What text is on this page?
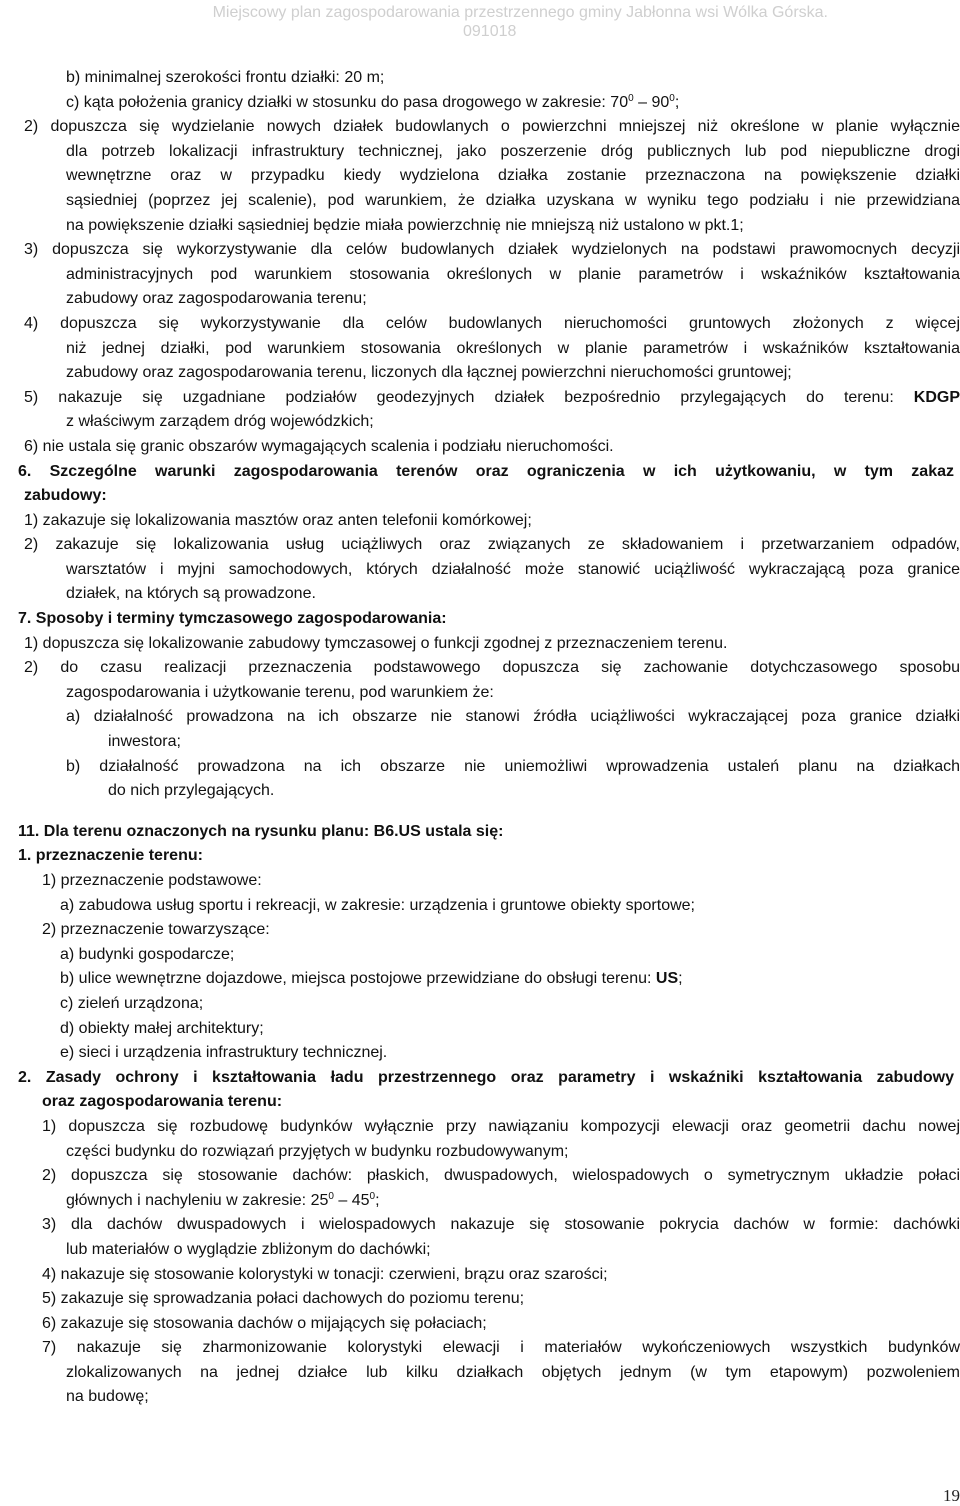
Miejscowy plan zagospodarowania przestrzennego gminy Jabłonna wsi Wólka Górska.
091018
b) minimalnej szerokości frontu działki: 20 m;
c) kąta położenia granicy działki w stosunku do pasa drogowego w zakresie: $70^0 - 90^0$;
2) dopuszcza się wydzielanie nowych działek budowlanych o powierzchni mniejszej niż określone w planie wyłącznie
dla potrzeb lokalizacji infrastruktury technicznej, jako poszerzenie dróg publicznych lub pod niepubliczne drogi
wewnętrzne oraz w przypadku kiedy wydzielona działka zostanie przeznaczona na powiększenie działki
sąsiedniej (poprzez jej scalenie), pod warunkiem, że działka uzyskana w wyniku tego podziału i nie przewidziana
na powiększenie działki sąsiedniej będzie miała powierzchnię nie mniejszą niż ustalono w pkt.1;
3) dopuszcza się wykorzystywanie dla celów budowlanych działek wydzielonych na podstawi prawomocnych decyzji
administracyjnych pod warunkiem stosowania określonych w planie parametrów i wskaźników kształtowania
zabudowy oraz zagospodarowania terenu;
4) dopuszcza się wykorzystywanie dla celów budowlanych nieruchomości gruntowych złożonych z więcej
niż jednej działki, pod warunkiem stosowania określonych w planie parametrów i wskaźników kształtowania
zabudowy oraz zagospodarowania terenu, liczonych dla łącznej powierzchni nieruchomości gruntowej;
5) nakazuje się uzgadniane podziałów geodezyjnych działek bezpośrednio przylegających do terenu: KDGP
z właściwym zarządem dróg wojewódzkich;
6) nie ustala się granic obszarów wymagających scalenia i podziału nieruchomości.
6. Szczególne warunki zagospodarowania terenów oraz ograniczenia w ich użytkowaniu, w tym zakaz
zabudowy:
1) zakazuje się lokalizowania masztów oraz anten telefonii komórkowej;
2) zakazuje się lokalizowania usług uciążliwych oraz związanych ze składowaniem i przetwarzaniem odpadów,
warsztatów i myjni samochodowych, których działalność może stanowić uciążliwość wykraczającą poza granice
działek, na których są prowadzone.
7. Sposoby i terminy tymczasowego zagospodarowania:
1) dopuszcza się lokalizowanie zabudowy tymczasowej o funkcji zgodnej z przeznaczeniem terenu.
2) do czasu realizacji przeznaczenia podstawowego dopuszcza się zachowanie dotychczasowego sposobu
zagospodarowania i użytkowanie terenu, pod warunkiem że:
a) działalność prowadzona na ich obszarze nie stanowi źródła uciążliwości wykraczającej poza granice działki
inwestora;
b) działalność prowadzona na ich obszarze nie uniemożliwi wprowadzenia ustaleń planu na działkach
do nich przylegających.
11. Dla terenu oznaczonych na rysunku planu: B6.US ustala się:
1. przeznaczenie terenu:
1) przeznaczenie podstawowe:
a) zabudowa usług sportu i rekreacji, w zakresie: urządzenia i gruntowe obiekty sportowe;
2) przeznaczenie towarzyszące:
a) budynki gospodarcze;
b) ulice wewnętrzne dojazdowe, miejsca postojowe przewidziane do obsługi terenu: US;
c) zieleń urządzona;
d) obiekty małej architektury;
e) sieci i urządzenia infrastruktury technicznej.
2. Zasady ochrony i kształtowania ładu przestrzennego oraz parametry i wskaźniki kształtowania zabudowy
oraz zagospodarowania terenu:
1) dopuszcza się rozbudowę budynków wyłącznie przy nawiązaniu kompozycji elewacji oraz geometrii dachu nowej
części budynku do rozwiązań przyjętych w budynku rozbudowywanym;
2) dopuszcza się stosowanie dachów: płaskich, dwuspadowych, wielospadowych o symetrycznym układzie połaci
głównych i nachyleniu w zakresie: $25^0 - 45^0$;
3) dla dachów dwuspadowych i wielospadowych nakazuje się stosowanie pokrycia dachów w formie: dachówki
lub materiałów o wyglądzie zbliżonym do dachówki;
4) nakazuje się stosowanie kolorystyki w tonacji: czerwieni, brązu oraz szarości;
5) zakazuje się sprowadzania połaci dachowych do poziomu terenu;
6) zakazuje się stosowania dachów o mijających się połaciach;
7) nakazuje się zharmonizowanie kolorystyki elewacji i materiałów wykończeniowych wszystkich budynków
zlokalizowanych na jednej działce lub kilku działkach objętych jednym (w tym etapowym) pozwoleniem
na budowę;
19
